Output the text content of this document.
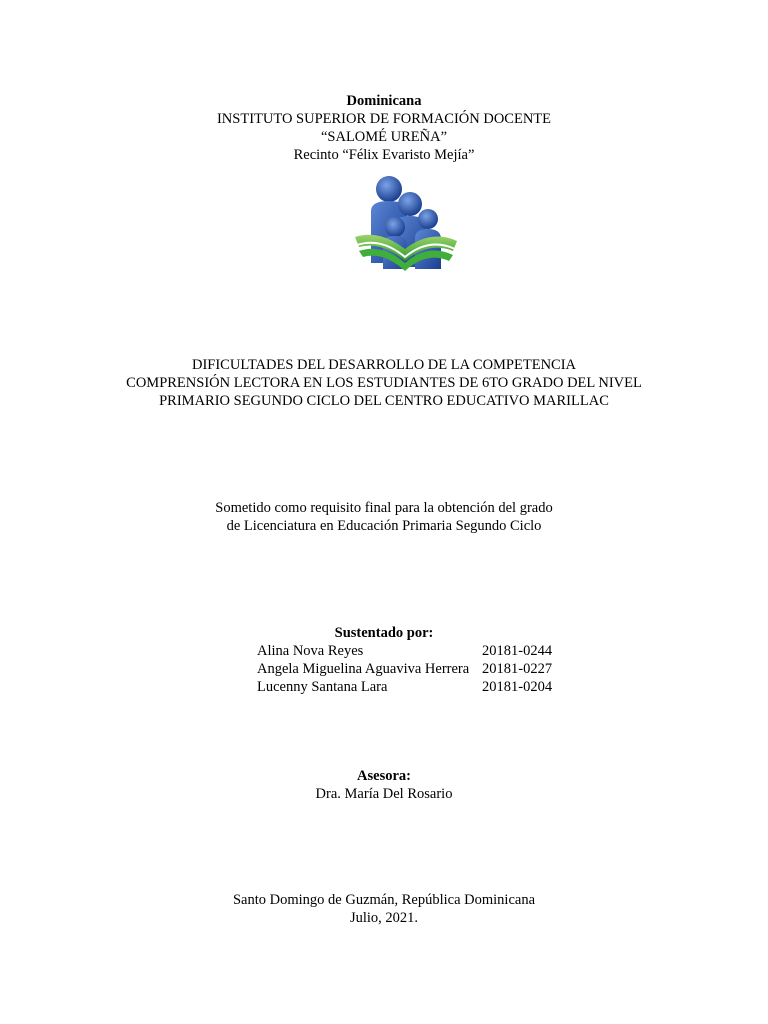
Dominicana
INSTITUTO SUPERIOR DE FORMACIÓN DOCENTE
“SALOMÉ UREÑA”
Recinto “Félix Evaristo Mejía”
DIFICULTADES DEL DESARROLLO DE LA COMPETENCIA
COMPRENSIÓN LECTORA EN LOS ESTUDIANTES DE 6TO GRADO DEL NIVEL
PRIMARIO SEGUNDO CICLO DEL CENTRO EDUCATIVO MARILLAC
Sometido como requisito final para la obtención del grado
de Licenciatura en Educación Primaria Segundo Ciclo
Sustentado por:
Alina Nova Reyes	20181-0244
Angela Miguelina Aguaviva Herrera 20181-0227
Lucenny Santana Lara	20181-0204
Asesora:
Dra. María Del Rosario
Santo Domingo de Guzmán, República Dominicana
Julio, 2021.
